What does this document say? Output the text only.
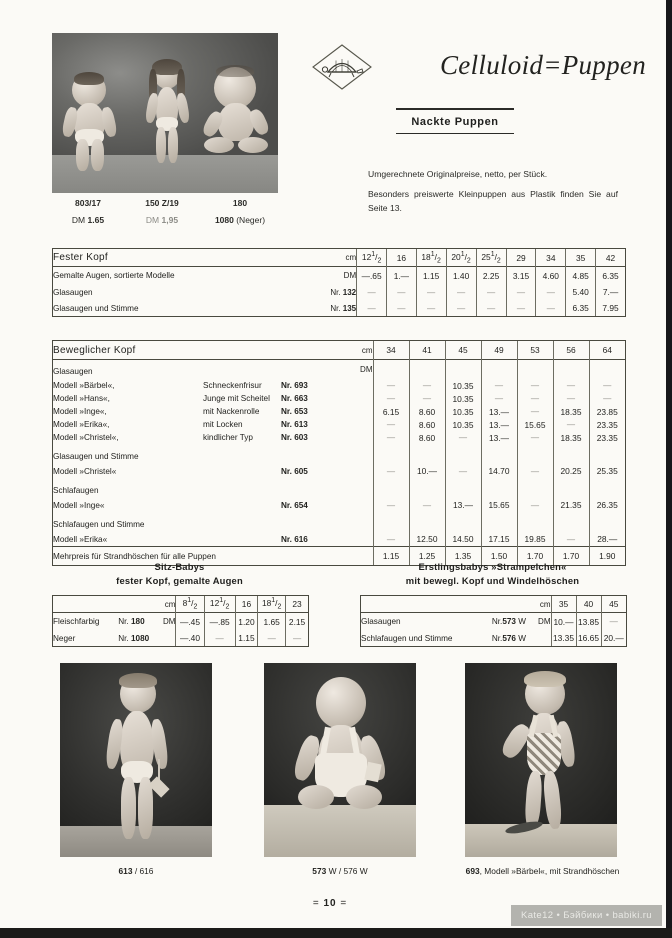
803/17	150 Z/19	180
DM 1.65	DM 1,95	1080 (Neger)
Celluloid=Puppen
Nackte Puppen

Umgerechnete Originalpreise, netto, per Stück.

Besonders preiswerte Kleinpuppen aus Plastik finden Sie auf Seite 13.

Fester Kopf	cm	$12^1/_2$	16	$18^1/_2$	$20^1/_2$	$25^1/_2$	29	34	35	42
Gemalte Augen, sortierte Modelle	DM	—.65	1.—	1.15	1.40	2.25	3.15	4.60	4.85	6.35
Glasaugen	Nr. 132	—	—	—	—	—	—	—	5.40	7.—
Glasaugen und Stimme	Nr. 135	—	—	—	—	—	—	—	6.35	7.95
Beweglicher Kopf		cm	34	41	45	49	53	56	64
Glasaugen		DM							
Modell »Bärbel«,	Schneckenfrisur Nr. 693		—	—	10.35	—	—	—	—
Modell »Hans«,	Junge mit Scheitel Nr. 663		—	—	10.35	—	—	—	—
Modell »Inge«,	mit Nackenrolle Nr. 653		6.15	8.60	10.35	13.—	—	18.35	23.85
Modell »Erika«,	mit Locken Nr. 613		—	8.60	10.35	13.—	15.65	—	23.35
Modell »Christel«,	kindlicher Typ Nr. 603		—	8.60	—	13.—	—	18.35	23.35
Glasaugen und Stimme									
Modell »Christel«	Nr. 605		—	10.—	—	14.70	—	20.25	25.35
Schlafaugen									
Modell »Inge«	Nr. 654		—	—	13.—	15.65	—	21.35	26.35
Schlafaugen und Stimme									
Modell »Erika«	Nr. 616		—	12.50	14.50	17.15	19.85	—	28.—
Mehrpreis für Strandhöschen für alle Puppen			1.15	1.25	1.35	1.50	1.70	1.70	1.90
Sitz-Babys
fester Kopf, gemalte Augen
		cm	$8^1/_2$	$12^1/_2$	16	$18^1/_2$	23
Fleischfarbig	Nr. 180	DM	—.45	—.85	1.20	1.65	2.15
Neger	Nr. 1080		—.40	—	1.15	—	—
Erstlingsbabys »Strampelchen«
mit bewegl. Kopf und Windelhöschen
		cm	35	40	45
Glasaugen	Nr.573 W	DM	10.—	13.85	—
Schlafaugen und Stimme	Nr.576 W		13.35	16.65	20.—
613 / 616	573 W / 576 W	693, Modell »Bärbel«, mit Strandhöschen
= 10 =
Kate12 • Бэйбики • babiki.ru
